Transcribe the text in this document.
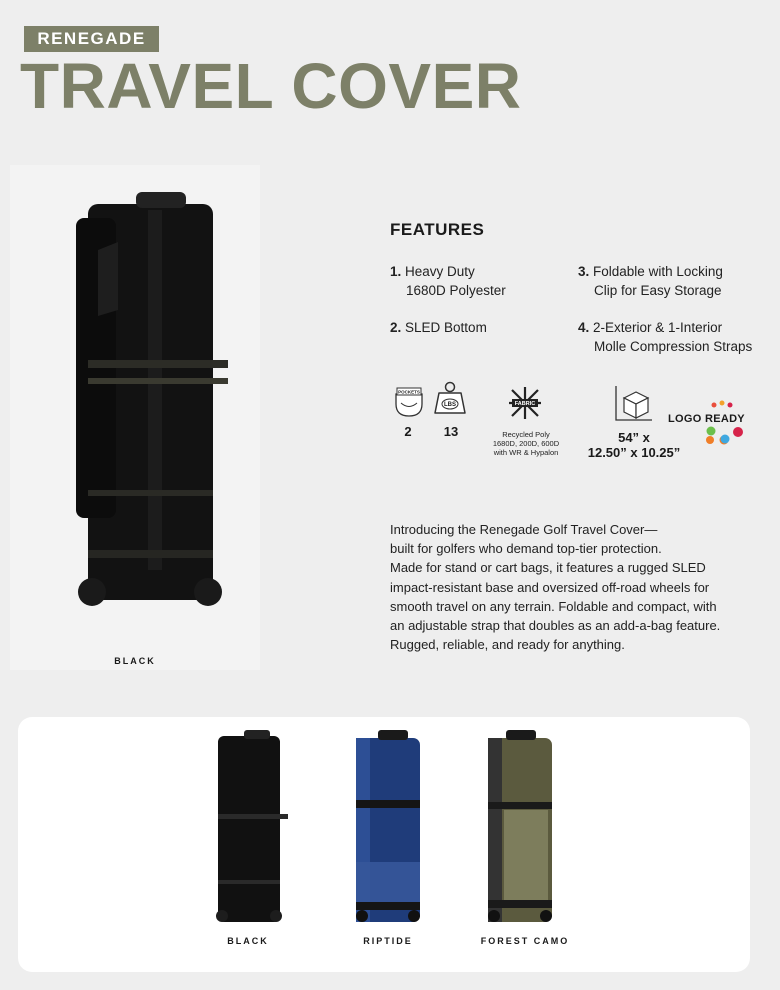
RENEGADE
TRAVEL COVER
BLACK
FEATURES
1. Heavy Duty
1680D Polyester
2. SLED Bottom
3. Foldable with Locking
Clip for Easy Storage
4. 2-Exterior & 1-Interior
Molle Compression Straps
POCKETS
2
LBS
13
FABRIC
Recycled Poly
1680D, 200D, 600D
with WR & Hypalon
54” x
12.50” x 10.25”
LOGO READY
Introducing the Renegade Golf Travel Cover—
built for golfers who demand top-tier protection.
Made for stand or cart bags, it features a rugged SLED
impact-resistant base and oversized off-road wheels for
smooth travel on any terrain. Foldable and compact, with
an adjustable strap that doubles as an add-a-bag feature.
Rugged, reliable, and ready for anything.
BLACK	RIPTIDE	FOREST CAMO
